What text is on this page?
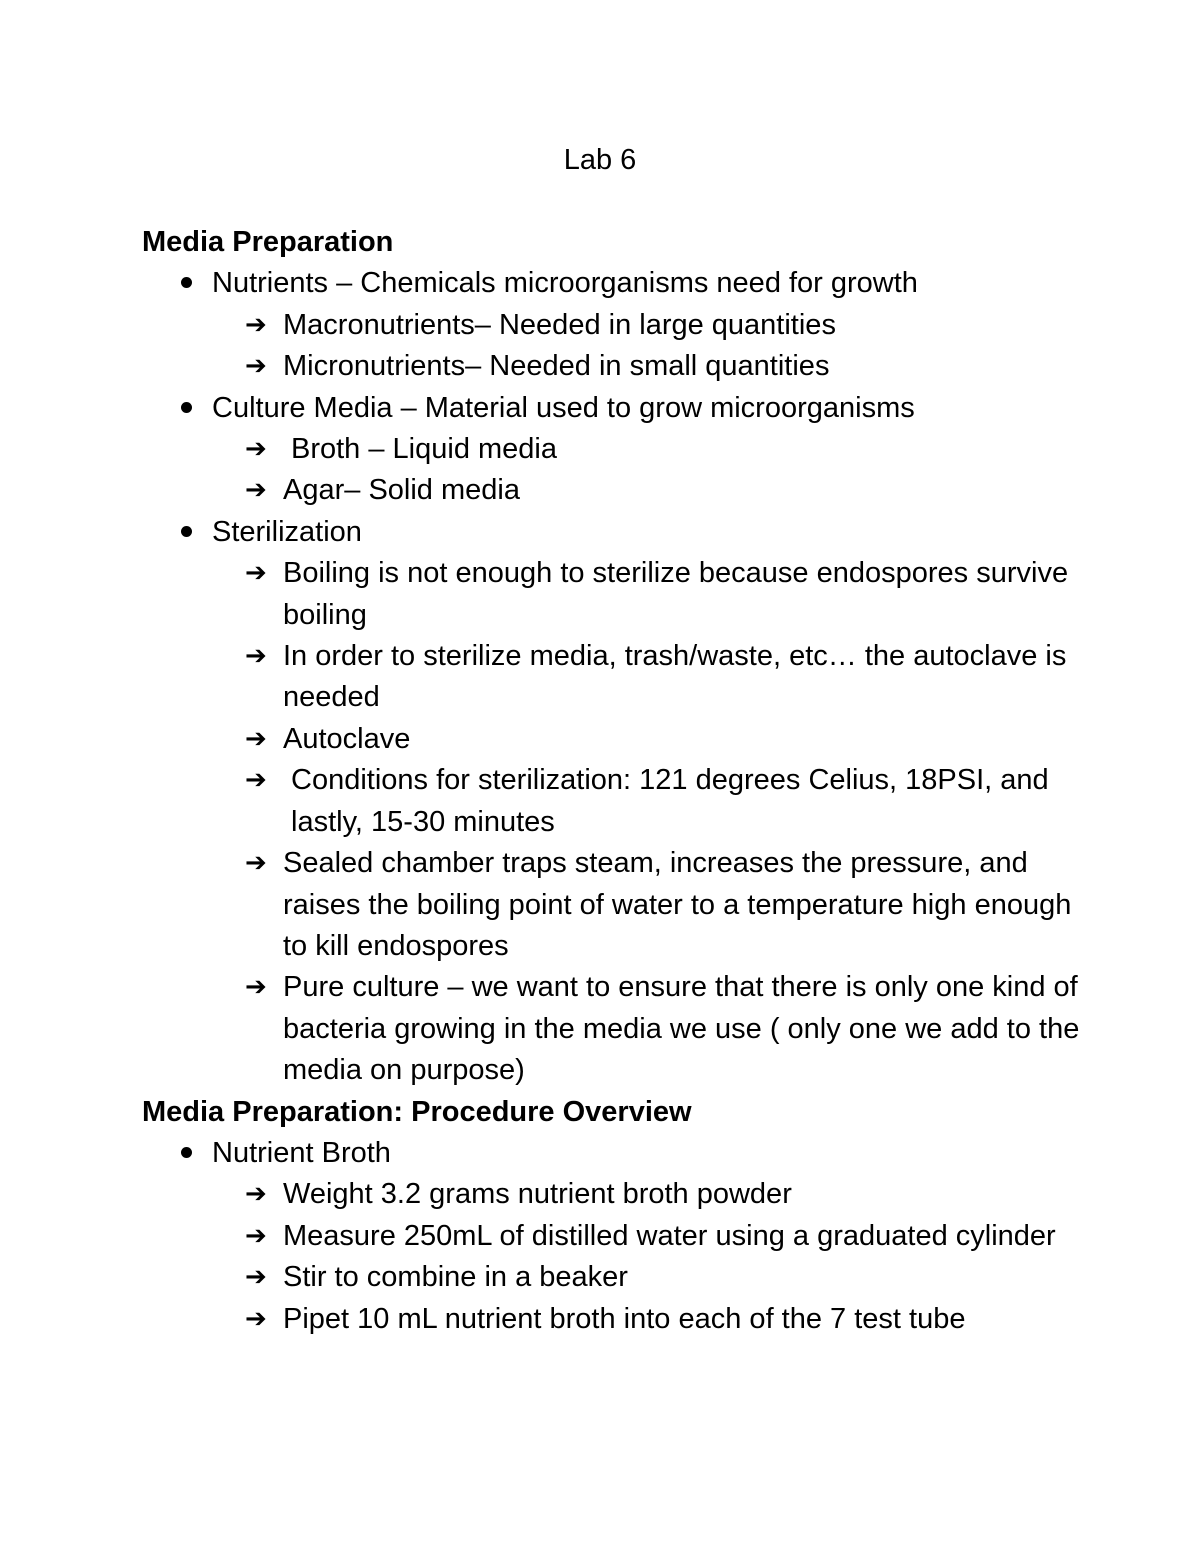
Lab 6
Media Preparation
Nutrients – Chemicals microorganisms need for growth
➔ Macronutrients– Needed in large quantities
➔ Micronutrients– Needed in small quantities
Culture Media – Material used to grow microorganisms
➔ Broth – Liquid media
➔ Agar– Solid media
Sterilization
➔ Boiling is not enough to sterilize because endospores survive boiling
➔ In order to sterilize media, trash/waste, etc… the autoclave is needed
➔ Autoclave
➔ Conditions for sterilization: 121 degrees Celius, 18PSI, and lastly, 15-30 minutes
➔ Sealed chamber traps steam, increases the pressure, and raises the boiling point of water to a temperature high enough to kill endospores
➔ Pure culture – we want to ensure that there is only one kind of bacteria growing in the media we use ( only one we add to the media on purpose)
Media Preparation: Procedure Overview
Nutrient Broth
➔ Weight 3.2 grams nutrient broth powder
➔ Measure 250mL of distilled water using a graduated cylinder
➔ Stir to combine in a beaker
➔ Pipet 10 mL nutrient broth into each of the 7 test tube
